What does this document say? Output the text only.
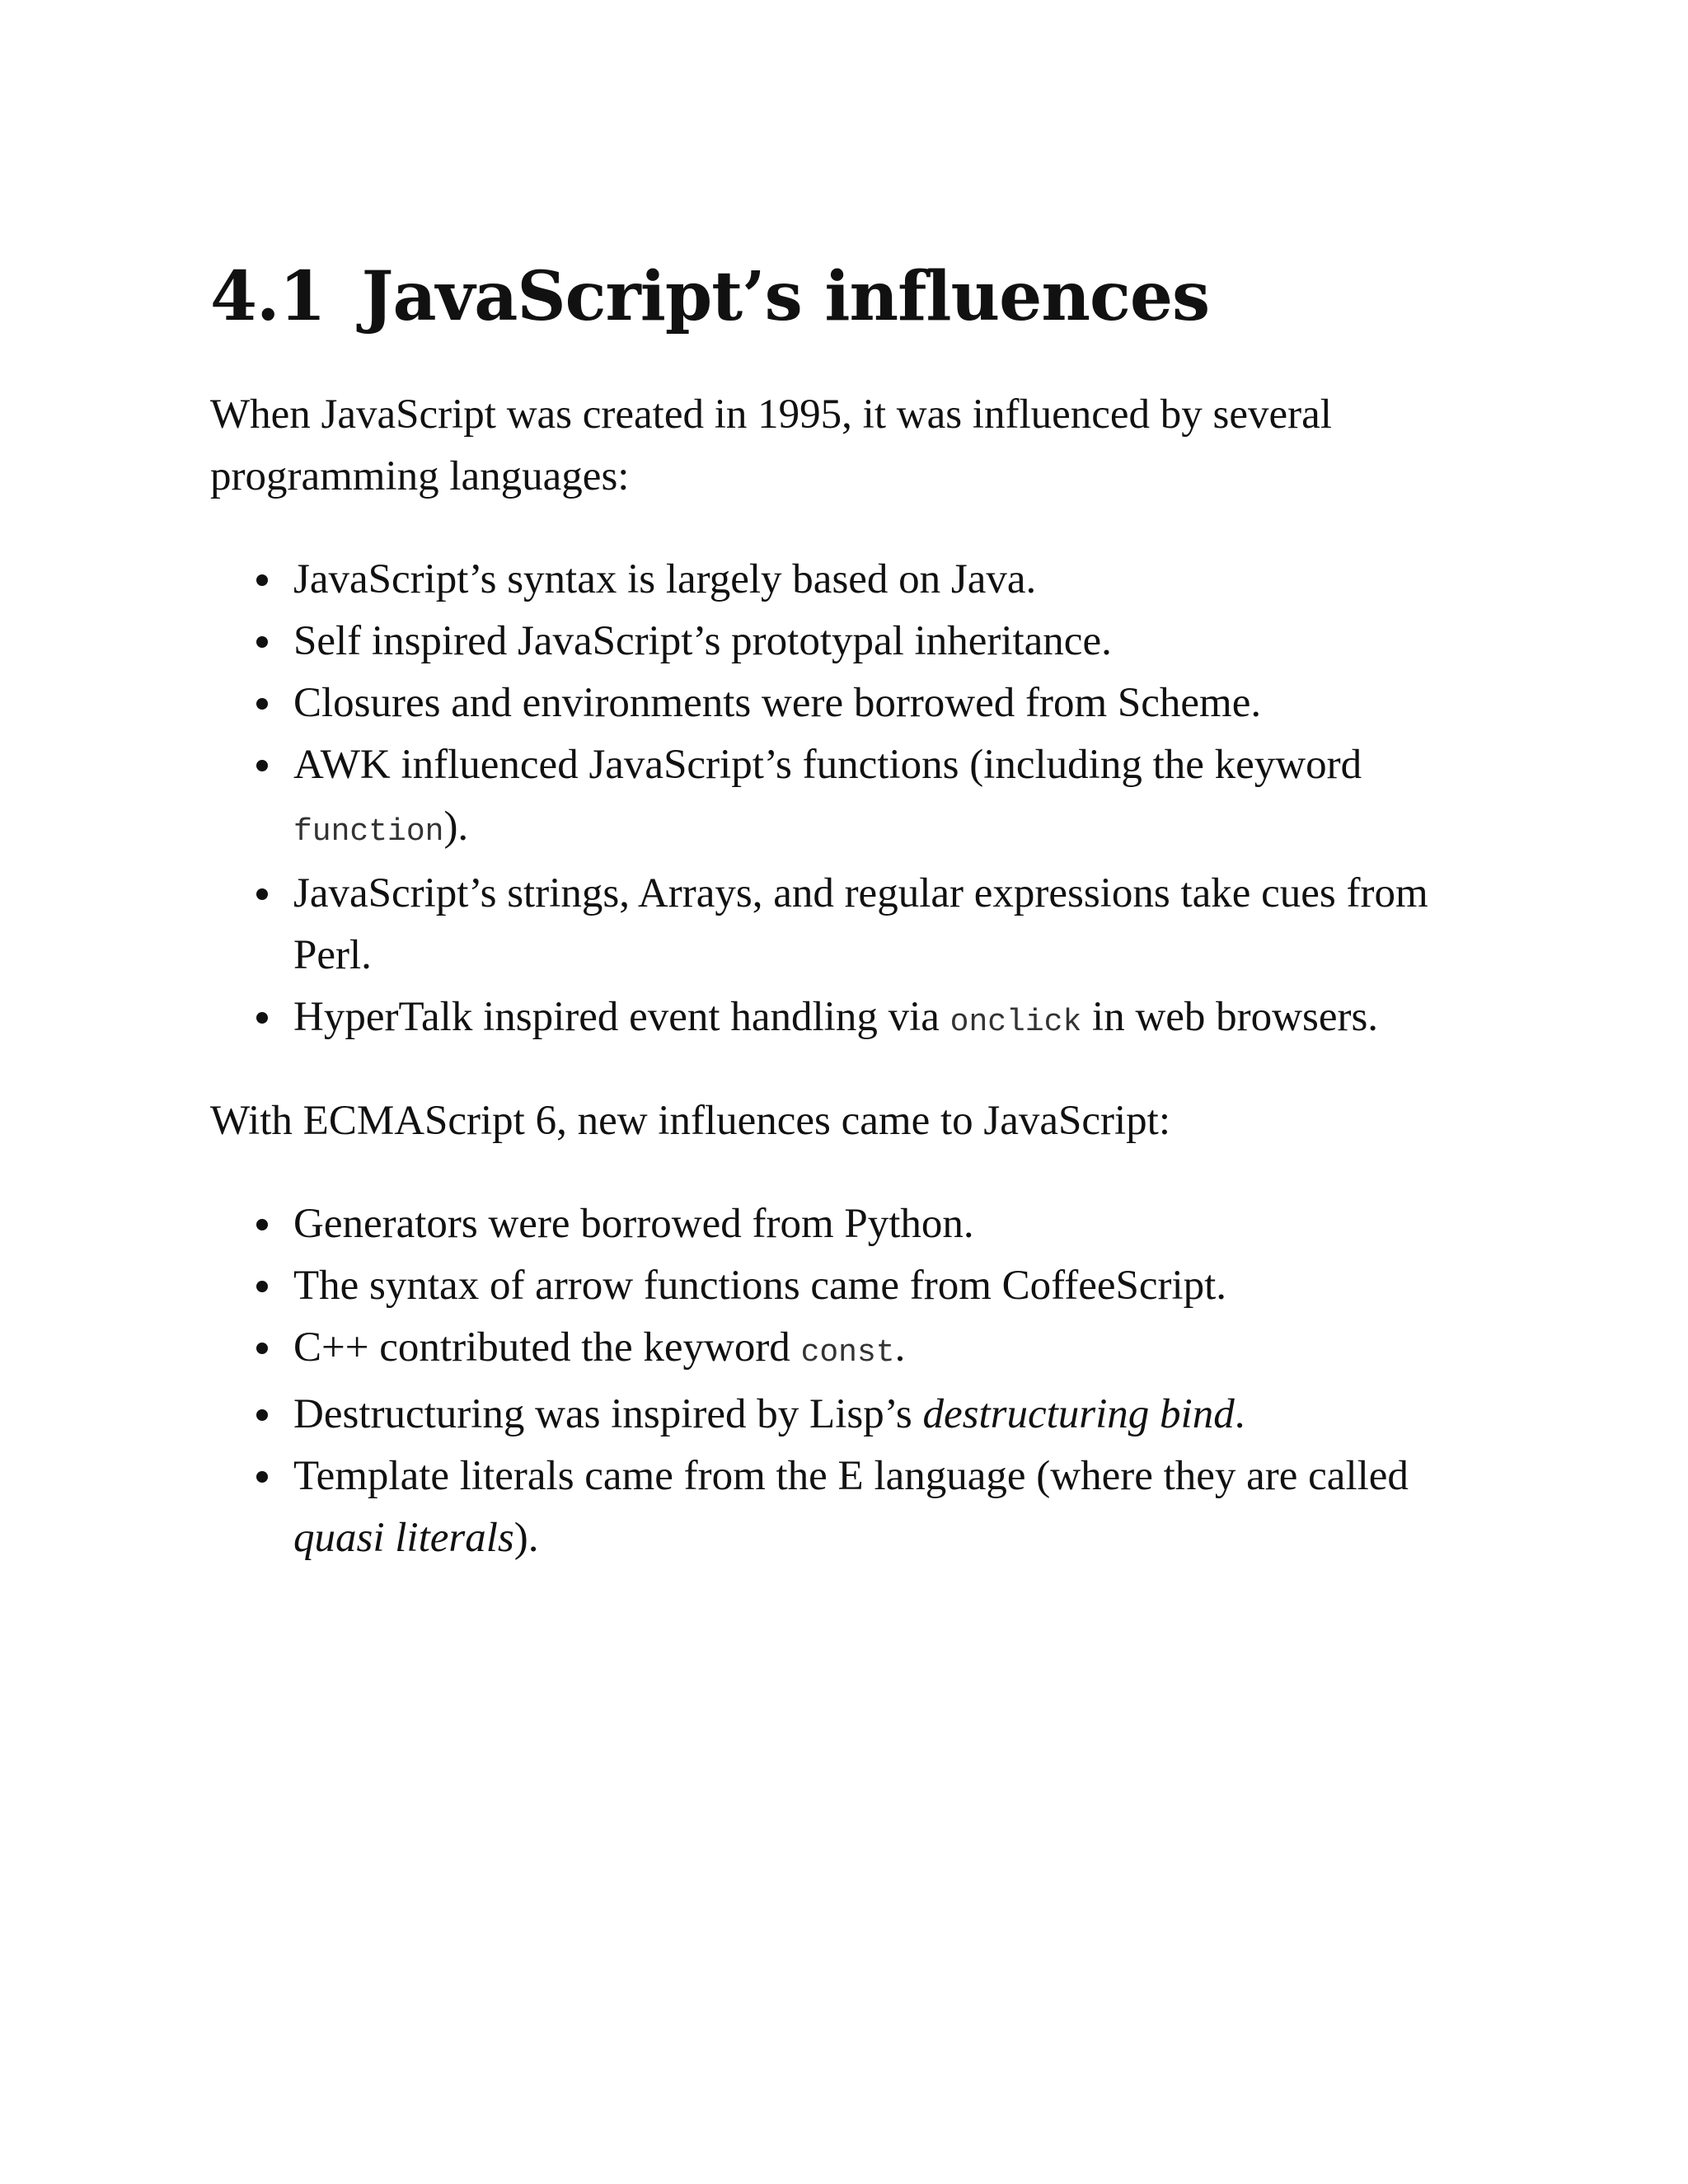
4.1 JavaScript’s influences

When JavaScript was created in 1995, it was influenced by several programming languages:

JavaScript’s syntax is largely based on Java.
Self inspired JavaScript’s prototypal inheritance.
Closures and environments were borrowed from Scheme.
AWK influenced JavaScript’s functions (including the keyword function).
JavaScript’s strings, Arrays, and regular expressions take cues from Perl.
HyperTalk inspired event handling via onclick in web browsers.

With ECMAScript 6, new influences came to JavaScript:

Generators were borrowed from Python.
The syntax of arrow functions came from CoffeeScript.
C++ contributed the keyword const.
Destructuring was inspired by Lisp’s destructuring bind.
Template literals came from the E language (where they are called quasi literals).
